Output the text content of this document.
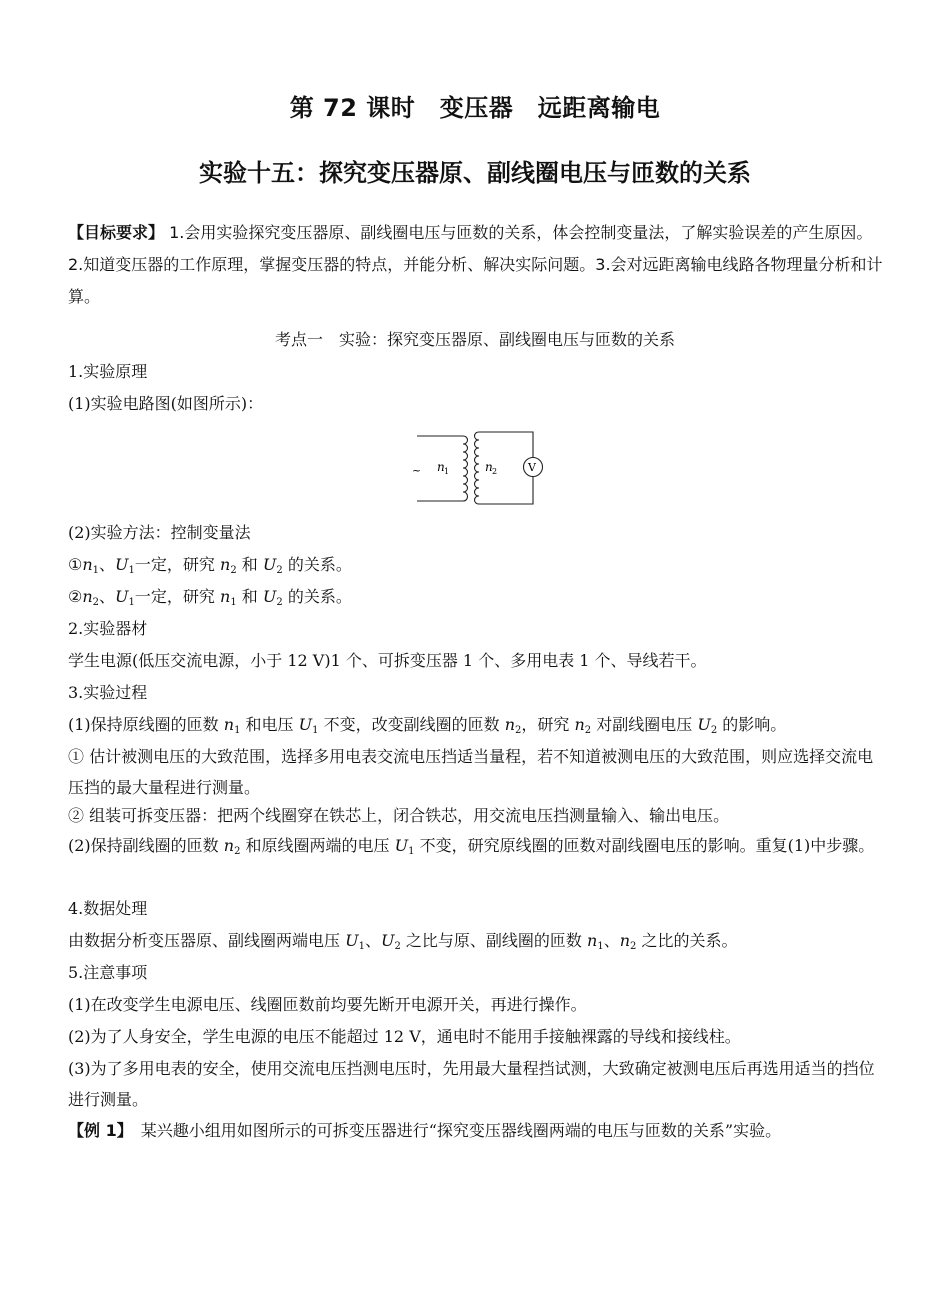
第 72 课时　变压器　远距离输电
实验十五：探究变压器原、副线圈电压与匝数的关系
【目标要求】 1.会用实验探究变压器原、副线圈电压与匝数的关系，体会控制变量法，了解实验误差的产生原因。2.知道变压器的工作原理，掌握变压器的特点，并能分析、解决实际问题。3.会对远距离输电线路各物理量分析和计算。
考点一　实验：探究变压器原、副线圈电压与匝数的关系
1.实验原理
(1)实验电路图(如图所示)：
~ n 1	n 2	V
(2)实验方法：控制变量法
$①n_1$、$U_1$一定，研究 $n_2$ 和 $U_2$ 的关系。
$②n_2$、$U_1$一定，研究 $n_1$ 和 $U_2$ 的关系。
2.实验器材
学生电源(低压交流电源，小于 12 V)1 个、可拆变压器 1 个、多用电表 1 个、导线若干。
3.实验过程
(1)保持原线圈的匝数 $n_1$ 和电压 $U_1$ 不变，改变副线圈的匝数 $n_2$，研究 $n_2$ 对副线圈电压 $U_2$ 的影响。
① 估计被测电压的大致范围，选择多用电表交流电压挡适当量程，若不知道被测电压的大致范围，则应选择交流电压挡的最大量程进行测量。
② 组装可拆变压器：把两个线圈穿在铁芯上，闭合铁芯，用交流电压挡测量输入、输出电压。
(2)保持副线圈的匝数 $n_2$ 和原线圈两端的电压 $U_1$ 不变，研究原线圈的匝数对副线圈电压的影响。重复(1)中步骤。
4.数据处理
由数据分析变压器原、副线圈两端电压 $U_1$、$U_2$ 之比与原、副线圈的匝数 $n_1$、$n_2$ 之比的关系。
5.注意事项
(1)在改变学生电源电压、线圈匝数前均要先断开电源开关，再进行操作。
(2)为了人身安全，学生电源的电压不能超过 12 V，通电时不能用手接触裸露的导线和接线柱。
(3)为了多用电表的安全，使用交流电压挡测电压时，先用最大量程挡试测，大致确定被测电压后再选用适当的挡位进行测量。
【例 1】　某兴趣小组用如图所示的可拆变压器进行“探究变压器线圈两端的电压与匝数的关系”实验。
